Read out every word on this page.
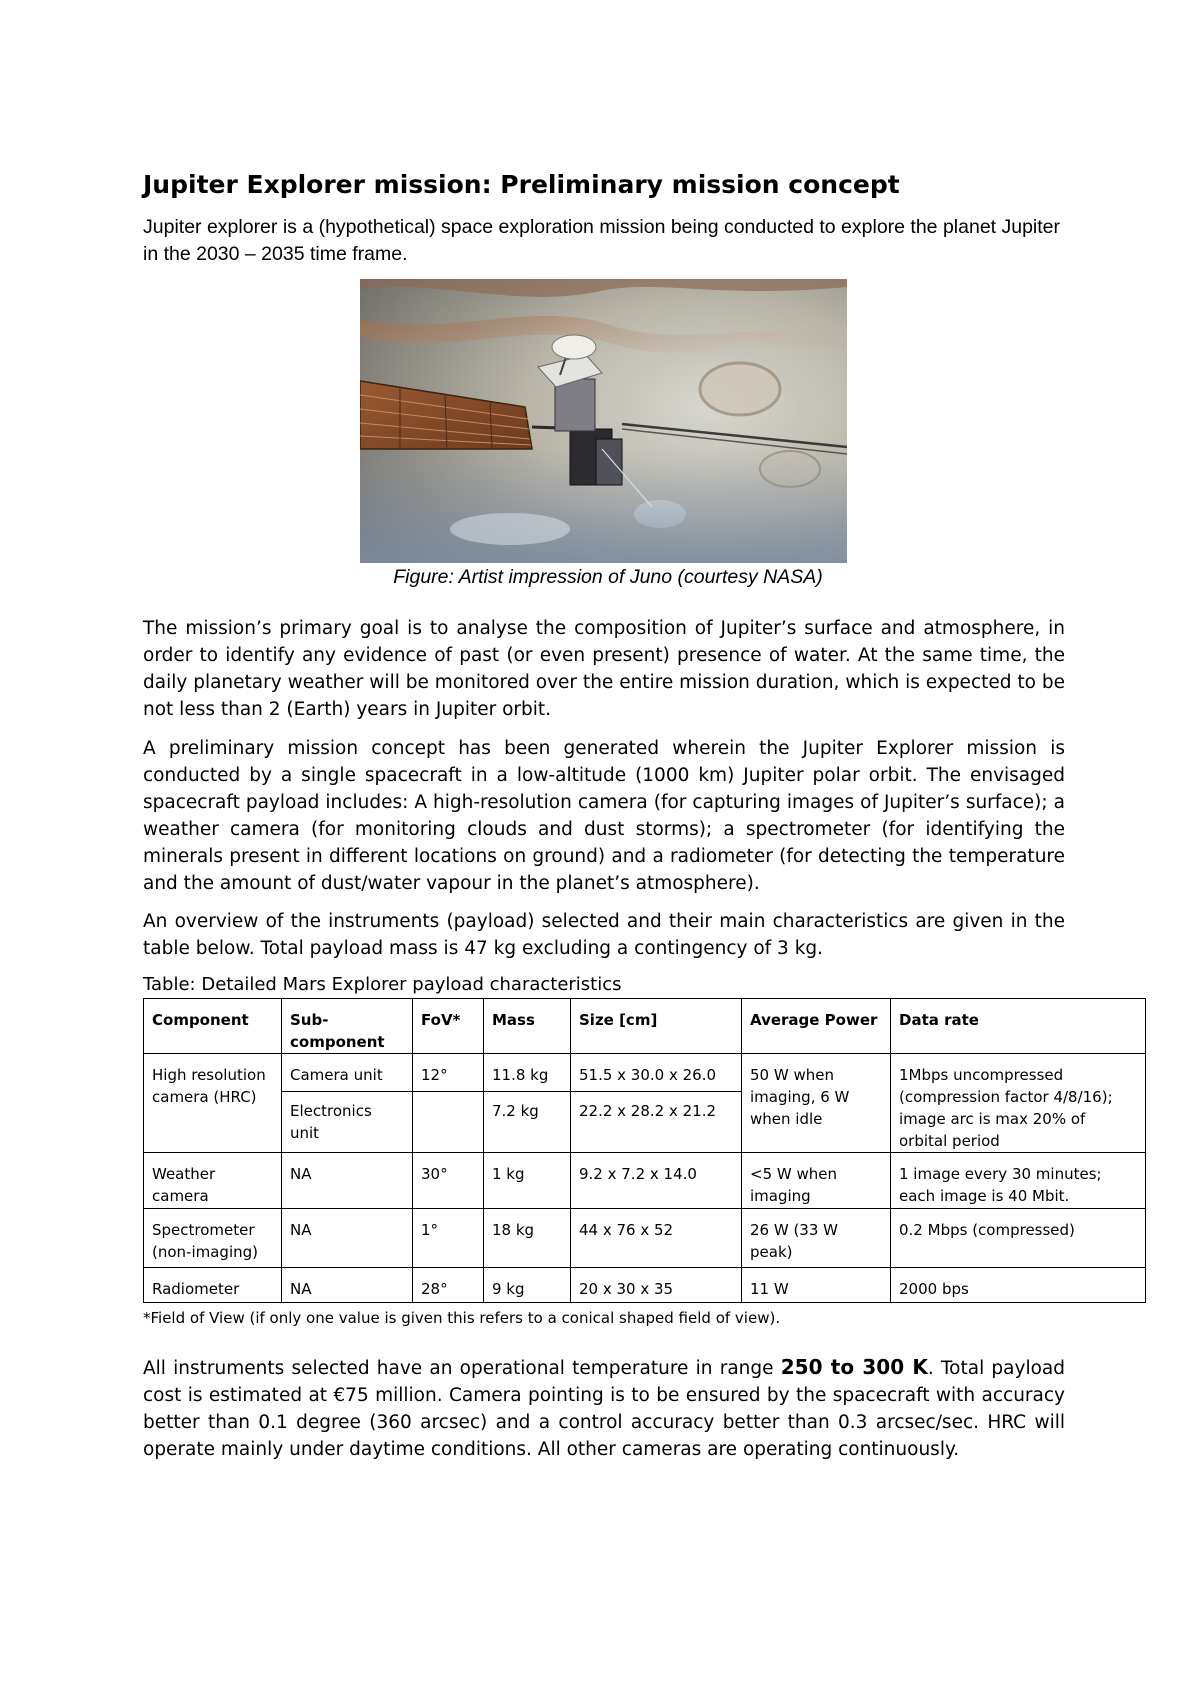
Jupiter Explorer mission: Preliminary mission concept

Jupiter explorer is a (hypothetical) space exploration mission being conducted to explore the planet Jupiter in the 2030 – 2035 time frame.

Figure: Artist impression of Juno (courtesy NASA)

The mission’s primary goal is to analyse the composition of Jupiter’s surface and atmosphere, in order to identify any evidence of past (or even present) presence of water. At the same time, the daily planetary weather will be monitored over the entire mission duration, which is expected to be not less than 2 (Earth) years in Jupiter orbit.

A preliminary mission concept has been generated wherein the Jupiter Explorer mission is conducted by a single spacecraft in a low-altitude (1000 km) Jupiter polar orbit. The envisaged spacecraft payload includes: A high-resolution camera (for capturing images of Jupiter’s surface); a weather camera (for monitoring clouds and dust storms); a spectrometer (for identifying the minerals present in different locations on ground) and a radiometer (for detecting the temperature and the amount of dust/water vapour in the planet’s atmosphere).

An overview of the instruments (payload) selected and their main characteristics are given in the table below. Total payload mass is 47 kg excluding a contingency of 3 kg.

Table: Detailed Mars Explorer payload characteristics

Component	Sub-component	FoV*	Mass	Size [cm]	Average Power	Data rate
High resolution camera (HRC)	Camera unit	12°	11.8 kg	51.5 x 30.0 x 26.0	50 W when imaging, 6 W when idle	1Mbps uncompressed (compression factor 4/8/16); image arc is max 20% of orbital period
	Electronics unit		7.2 kg	22.2 x 28.2 x 21.2		
Weather camera	NA	30°	1 kg	9.2 x 7.2 x 14.0	<5 W when imaging	1 image every 30 minutes; each image is 40 Mbit.
Spectrometer (non-imaging)	NA	1°	18 kg	44 x 76 x 52	26 W (33 W peak)	0.2 Mbps (compressed)
Radiometer	NA	28°	9 kg	20 x 30 x 35	11 W	2000 bps

*Field of View (if only one value is given this refers to a conical shaped field of view).

All instruments selected have an operational temperature in range 250 to 300 K. Total payload cost is estimated at €75 million. Camera pointing is to be ensured by the spacecraft with accuracy better than 0.1 degree (360 arcsec) and a control accuracy better than 0.3 arcsec/sec. HRC will operate mainly under daytime conditions. All other cameras are operating continuously.
